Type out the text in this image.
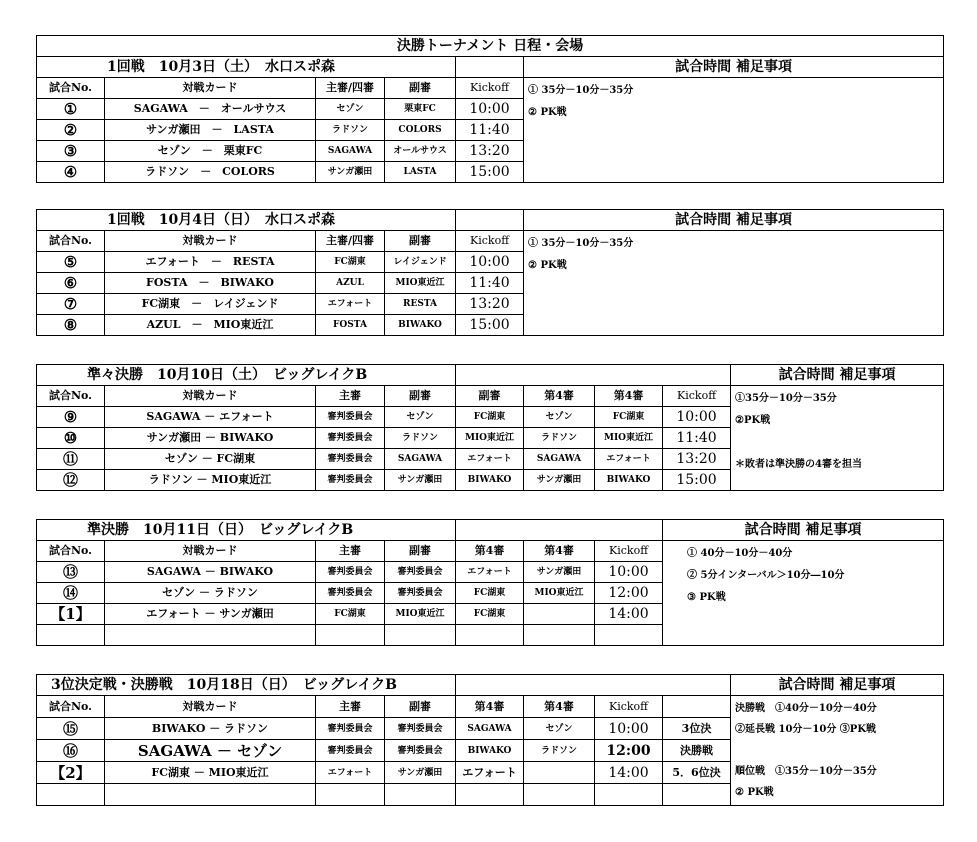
決勝トーナメント 日程・会場					
1回戦　10月3日（土）　水口スポ森					試合時間 補足事項
試合No.	対戦カード	主審/四審	副審	Kickoff	① 35分－10分－35分
② PK戦

①	SAGAWA　－　オールサウス	セゾン	栗東FC	10:00	
②	サンガ瀬田　－　LASTA	ラドソン	COLORS	11:40	
③	セゾン　－　栗東FC	SAGAWA	オールサウス	13:20	
④	ラドソン　－　COLORS	サンガ瀬田	LASTA	15:00	
1回戦　10月4日（日）　水口スポ森					試合時間 補足事項
試合No.	対戦カード	主審/四審	副審	Kickoff	① 35分－10分－35分
② PK戦

⑤	エフォート　－　RESTA	FC湖東	レイジェンド	10:00	
⑥	FOSTA　－　BIWAKO	AZUL	MIO東近江	11:40	
⑦	FC湖東　－　レイジェンド	エフォート	RESTA	13:20	
⑧	AZUL　－　MIO東近江	FOSTA	BIWAKO	15:00	
準々決勝　10月10日（土）　ビッグレイクB								試合時間 補足事項
試合No.	対戦カード	主審	副審	副審	第4審	第4審	Kickoff	①35分－10分－35分
②PK戦

＊敗者は準決勝の4審を担当

⑨	SAGAWA － エフォート	審判委員会	セゾン	FC湖東	セゾン	FC湖東	10:00	
⑩	サンガ瀬田 － BIWAKO	審判委員会	ラドソン	MIO東近江	ラドソン	MIO東近江	11:40	
⑪	セゾン － FC湖東	審判委員会	SAGAWA	エフォート	SAGAWA	エフォート	13:20	
⑫	ラドソン － MIO東近江	審判委員会	サンガ瀬田	BIWAKO	サンガ瀬田	BIWAKO	15:00	
準決勝　10月11日（日）　ビッグレイクB							試合時間 補足事項
試合No.	対戦カード	主審	副審	第4審	第4審	Kickoff	① 40分－10分－40分
② 5分インターバル＞10分―10分
③ PK戦

⑬	SAGAWA － BIWAKO	審判委員会	審判委員会	エフォート	サンガ瀬田	10:00	
⑭	セゾン － ラドソン	審判委員会	審判委員会	FC湖東	MIO東近江	12:00	
【1】	エフォート － サンガ瀬田	FC湖東	MIO東近江	FC湖東		14:00	

3位決定戦・決勝戦　10月18日（日）　ビッグレイクB								試合時間 補足事項
試合No.	対戦カード	主審	副審	第4審	第4審	Kickoff		決勝戦　①40分－10分－40分
②延長戦 10分－10分 ③PK戦

順位戦　①35分－10分－35分
② PK戦

⑮	BIWAKO － ラドソン	審判委員会	審判委員会	SAGAWA	セゾン	10:00	3位決	
⑯	SAGAWA － セゾン	審判委員会	審判委員会	BIWAKO	ラドソン	12:00	決勝戦	
【2】	FC湖東 － MIO東近江	エフォート	サンガ瀬田	エフォート		14:00	5．6位決	
